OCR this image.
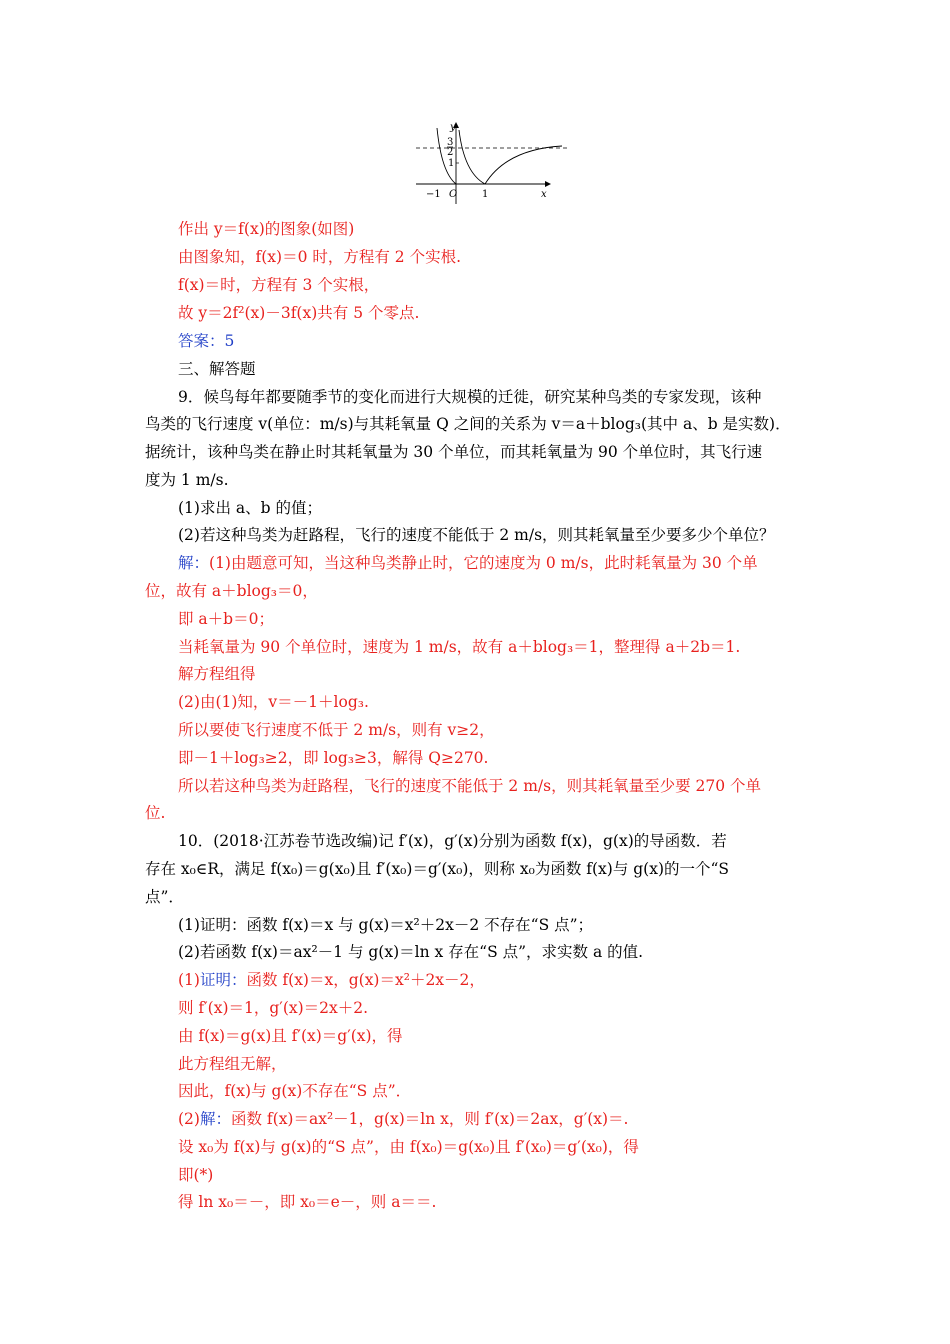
y
3
2
1
−1 O 1	x
作出 y＝f(x)的图象(如图)
由图象知，f(x)＝0 时，方程有 2 个实根.
f(x)＝时，方程有 3 个实根，
故 y＝2f²(x)－3f(x)共有 5 个零点.
答案：5
三、解答题
9．候鸟每年都要随季节的变化而进行大规模的迁徙，研究某种鸟类的专家发现，该种
鸟类的飞行速度 v(单位：m/s)与其耗氧量 Q 之间的关系为 v＝a＋blog₃(其中 a、b 是实数)．
据统计，该种鸟类在静止时其耗氧量为 30 个单位，而其耗氧量为 90 个单位时，其飞行速
度为 1 m/s.
(1)求出 a、b 的值；
(2)若这种鸟类为赶路程，飞行的速度不能低于 2 m/s，则其耗氧量至少要多少个单位？
解：(1)由题意可知，当这种鸟类静止时，它的速度为 0 m/s，此时耗氧量为 30 个单
位，故有 a＋blog₃＝0，
即 a＋b＝0；
当耗氧量为 90 个单位时，速度为 1 m/s，故有 a＋blog₃＝1，整理得 a＋2b＝1.
解方程组得
(2)由(1)知，v＝－1＋log₃.
所以要使飞行速度不低于 2 m/s，则有 v≥2，
即－1＋log₃≥2，即 log₃≥3，解得 Q≥270.
所以若这种鸟类为赶路程，飞行的速度不能低于 2 m/s，则其耗氧量至少要 270 个单
位.
10．(2018·江苏卷节选改编)记 f′(x)，g′(x)分别为函数 f(x)，g(x)的导函数．若
存在 x₀∈R，满足 f(x₀)＝g(x₀)且 f′(x₀)＝g′(x₀)，则称 x₀为函数 f(x)与 g(x)的一个“S
点”．
(1)证明：函数 f(x)＝x 与 g(x)＝x²＋2x－2 不存在“S 点”；
(2)若函数 f(x)＝ax²－1 与 g(x)＝ln x 存在“S 点”，求实数 a 的值.
(1)证明：函数 f(x)＝x，g(x)＝x²＋2x－2，
则 f′(x)＝1，g′(x)＝2x＋2.
由 f(x)＝g(x)且 f′(x)＝g′(x)，得
此方程组无解，
因此，f(x)与 g(x)不存在“S 点”．
(2)解：函数 f(x)＝ax²－1，g(x)＝ln x，则 f′(x)＝2ax，g′(x)＝.
设 x₀为 f(x)与 g(x)的“S 点”，由 f(x₀)＝g(x₀)且 f′(x₀)＝g′(x₀)，得
即(*)
得 ln x₀＝－，即 x₀＝e－，则 a＝＝.
